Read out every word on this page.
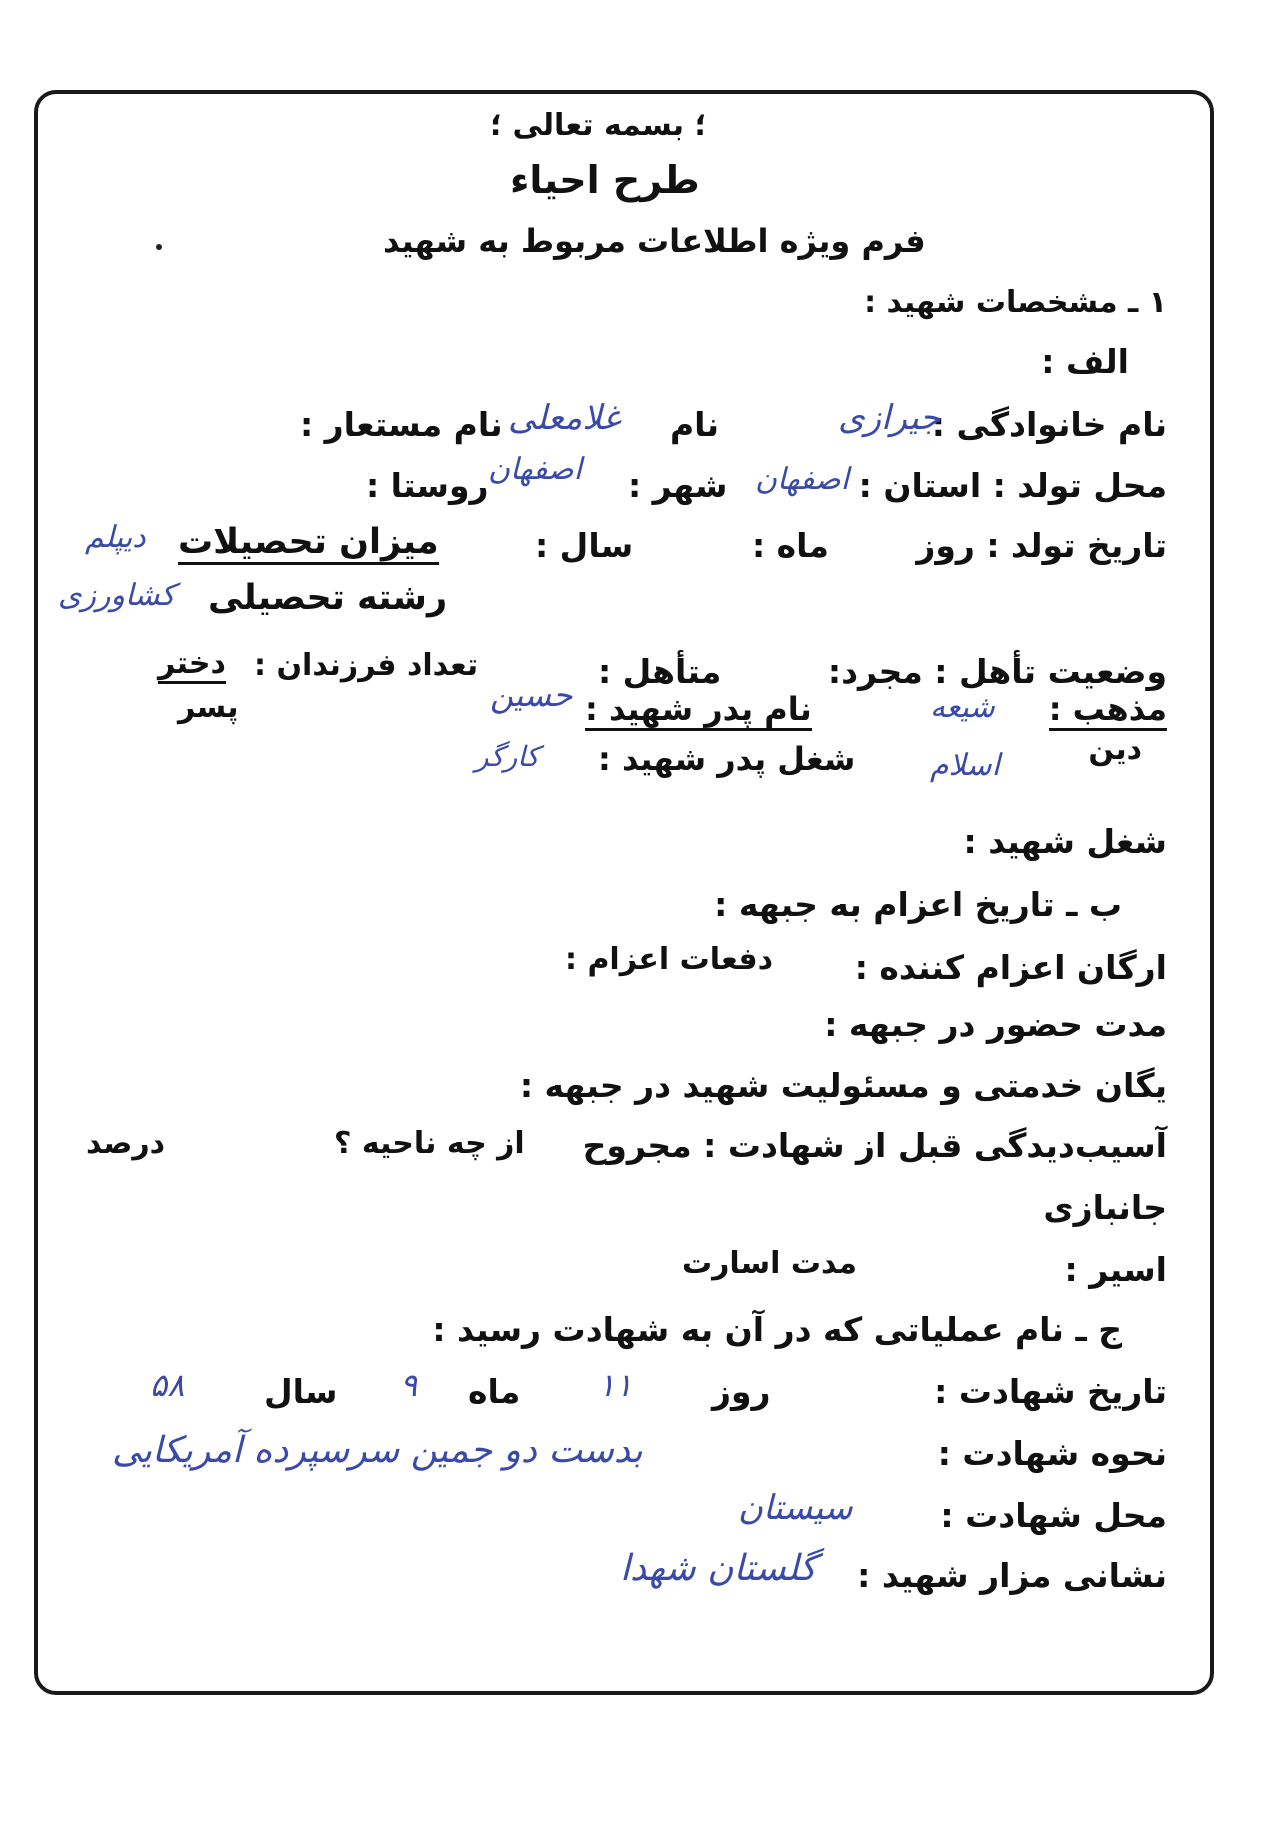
؛ بسمه تعالی ؛
طرح احیاء
فرم ویژه اطلاعات مربوط به شهید
۱ ـ مشخصات شهید :
الف :
نام خانوادگی :
جیرازی
نام
غلامعلی
نام مستعار :
محل تولد : استان :
اصفهان
شهر :
اصفهان
روستا :
تاریخ تولد : روز
ماه :
سال :
میزان تحصیلات
دیپلم
رشته تحصیلی
کشاورزی
وضعیت تأهل : مجرد:
متأهل :
تعداد فرزندان :
دختر
پسر	مذهب :
شیعه
دین
اسلام
نام پدر شهید :
حسین
شغل پدر شهید :
کارگر
شغل شهید :
ب ـ تاریخ اعزام به جبهه :
ارگان اعزام کننده :
دفعات اعزام :
مدت حضور در جبهه :
یگان خدمتی و مسئولیت شهید در جبهه :
آسیب‌دیدگی قبل از شهادت : مجروح
از چه ناحیه ؟
درصد
جانبازی
اسیر :
مدت اسارت
ج ـ نام عملیاتی که در آن به شهادت رسید :
تاریخ شهادت :
روز
۱۱
ماه
۹
سال
۵۸
نحوه شهادت :
بدست دو جمین سرسپرده آمریکایی
محل شهادت :
سیستان
نشانی مزار شهید :
گلستان شهدا
